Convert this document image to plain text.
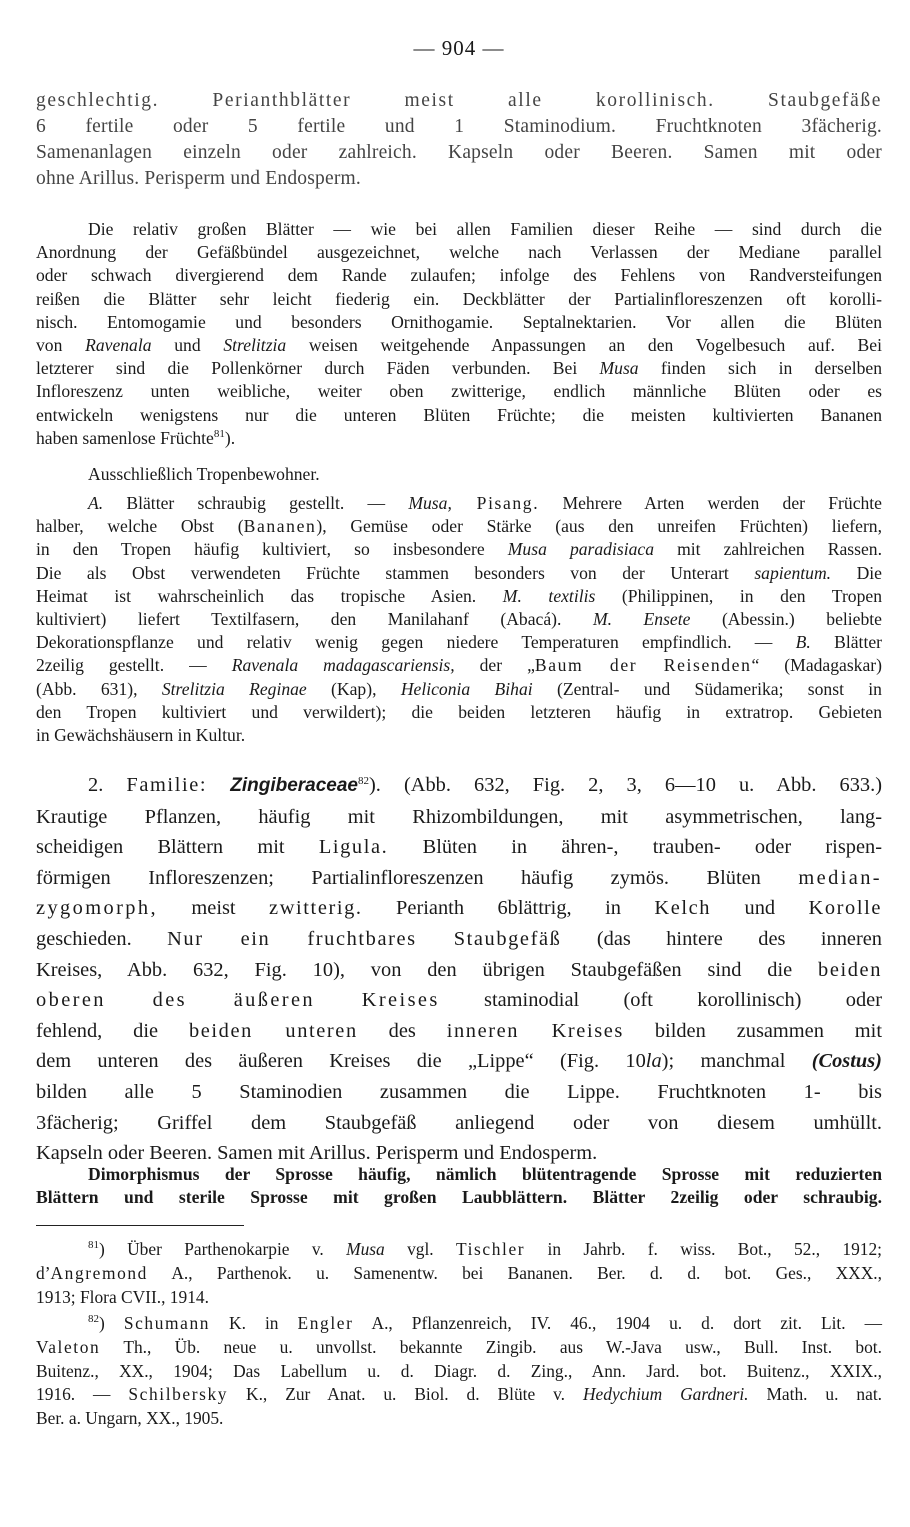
— 904 —
geschlechtig. Perianthblätter meist alle korollinisch. Staubgefäße
6 fertile oder 5 fertile und 1 Staminodium. Fruchtknoten 3fächerig.
Samenanlagen einzeln oder zahlreich. Kapseln oder Beeren. Samen mit oder
ohne Arillus. Perisperm und Endosperm.
Die relativ großen Blätter — wie bei allen Familien dieser Reihe — sind durch die
Anordnung der Gefäßbündel ausgezeichnet, welche nach Verlassen der Mediane parallel
oder schwach divergierend dem Rande zulaufen; infolge des Fehlens von Randversteifungen
reißen die Blätter sehr leicht fiederig ein. Deckblätter der Partialinfloreszenzen oft korolli-
nisch. Entomogamie und besonders Ornithogamie. Septalnektarien. Vor allen die Blüten
von Ravenala und Strelitzia weisen weitgehende Anpassungen an den Vogelbesuch auf. Bei
letzterer sind die Pollenkörner durch Fäden verbunden. Bei Musa finden sich in derselben
Infloreszenz unten weibliche, weiter oben zwitterige, endlich männliche Blüten oder es
entwickeln wenigstens nur die unteren Blüten Früchte; die meisten kultivierten Bananen
haben samenlose Früchte$^{81}$).
Ausschließlich Tropenbewohner.
A. Blätter schraubig gestellt. — Musa, Pisang. Mehrere Arten werden der Früchte
halber, welche Obst (Bananen), Gemüse oder Stärke (aus den unreifen Früchten) liefern,
in den Tropen häufig kultiviert, so insbesondere Musa paradisiaca mit zahlreichen Rassen.
Die als Obst verwendeten Früchte stammen besonders von der Unterart sapientum. Die
Heimat ist wahrscheinlich das tropische Asien. M. textilis (Philippinen, in den Tropen
kultiviert) liefert Textilfasern, den Manilahanf (Abacá). M. Ensete (Abessin.) beliebte
Dekorationspflanze und relativ wenig gegen niedere Temperaturen empfindlich. — B. Blätter
2zeilig gestellt. — Ravenala madagascariensis, der „Baum der Reisenden“ (Madagaskar)
(Abb. 631), Strelitzia Reginae (Kap), Heliconia Bihai (Zentral- und Südamerika; sonst in
den Tropen kultiviert und verwildert); die beiden letzteren häufig in extratrop. Gebieten
in Gewächshäusern in Kultur.
2. Familie: Zingiberaceae$^{82}$). (Abb. 632, Fig. 2, 3, 6—10 u. Abb. 633.)
Krautige Pflanzen, häufig mit Rhizombildungen, mit asymmetrischen, lang-
scheidigen Blättern mit Ligula. Blüten in ähren-, trauben- oder rispen-
förmigen Infloreszenzen; Partialinfloreszenzen häufig zymös. Blüten median-
zygomorph, meist zwitterig. Perianth 6blättrig, in Kelch und Korolle
geschieden. Nur ein fruchtbares Staubgefäß (das hintere des inneren
Kreises, Abb. 632, Fig. 10), von den übrigen Staubgefäßen sind die beiden
oberen des äußeren Kreises staminodial (oft korollinisch) oder
fehlend, die beiden unteren des inneren Kreises bilden zusammen mit
dem unteren des äußeren Kreises die „Lippe“ (Fig. 10la); manchmal (Costus)
bilden alle 5 Staminodien zusammen die Lippe. Fruchtknoten 1- bis
3fächerig; Griffel dem Staubgefäß anliegend oder von diesem umhüllt.
Kapseln oder Beeren. Samen mit Arillus. Perisperm und Endosperm.
Dimorphismus der Sprosse häufig, nämlich blütentragende Sprosse mit reduzierten
Blättern und sterile Sprosse mit großen Laubblättern. Blätter 2zeilig oder schraubig.
$^{81}$) Über Parthenokarpie v. Musa vgl. Tischler in Jahrb. f. wiss. Bot., 52., 1912;
d’Angremond A., Parthenok. u. Samenentw. bei Bananen. Ber. d. d. bot. Ges., XXX.,
1913; Flora CVII., 1914.
$^{82}$) Schumann K. in Engler A., Pflanzenreich, IV. 46., 1904 u. d. dort zit. Lit. —
Valeton Th., Üb. neue u. unvollst. bekannte Zingib. aus W.-Java usw., Bull. Inst. bot.
Buitenz., XX., 1904; Das Labellum u. d. Diagr. d. Zing., Ann. Jard. bot. Buitenz., XXIX.,
1916. — Schilbersky K., Zur Anat. u. Biol. d. Blüte v. Hedychium Gardneri. Math. u. nat.
Ber. a. Ungarn, XX., 1905.
